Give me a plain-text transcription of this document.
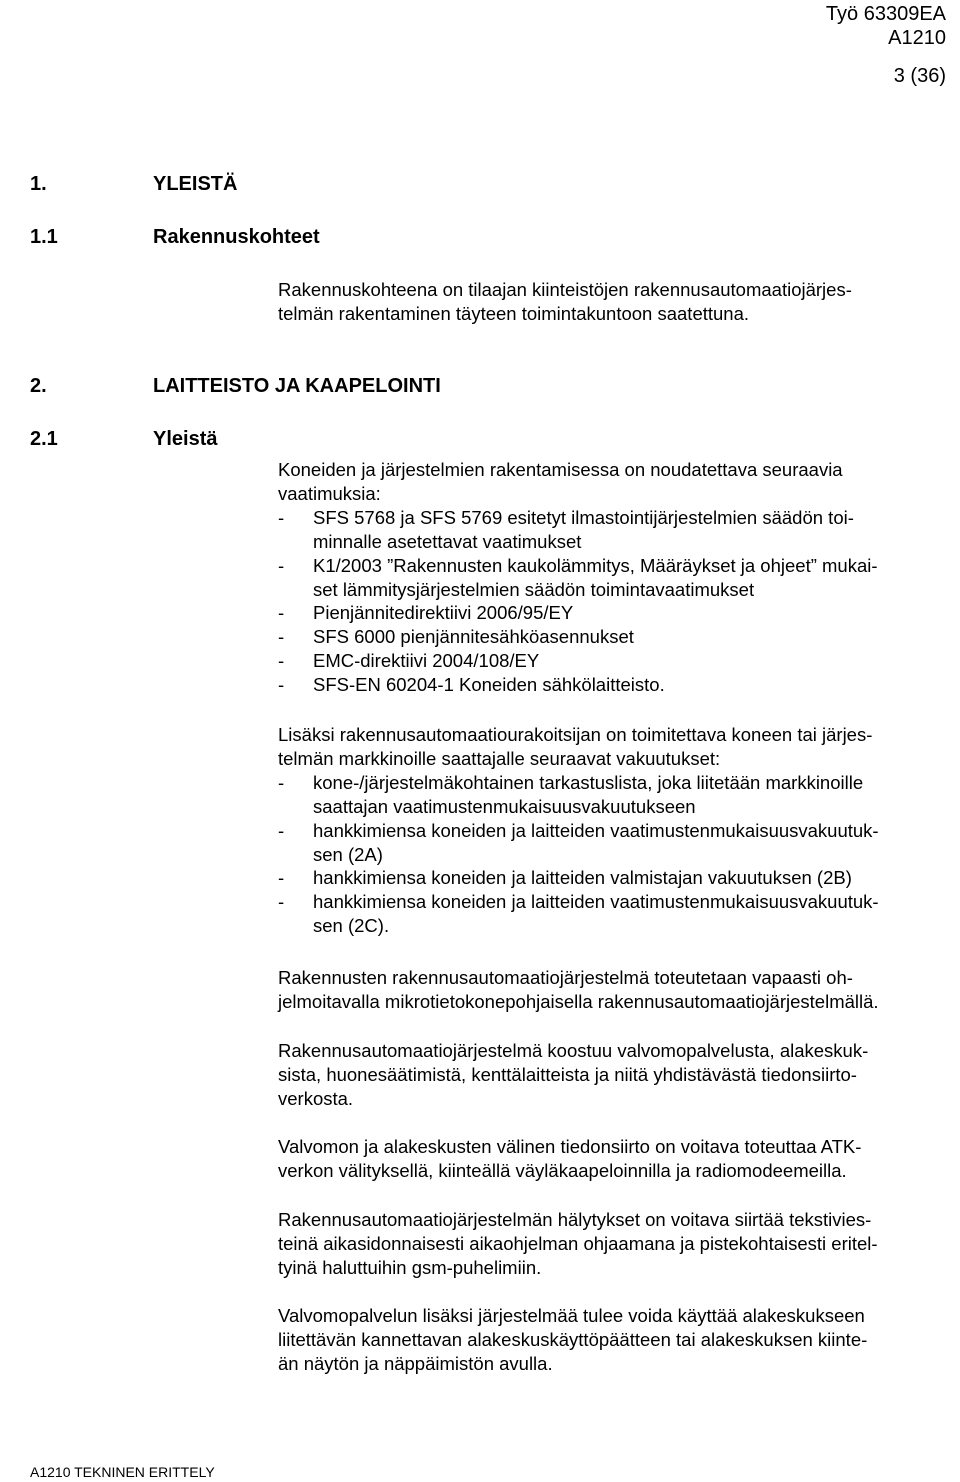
Työ 63309EA
A1210
3 (36)
1.	YLEISTÄ
1.1	Rakennuskohteet
2.	LAITTEISTO JA KAAPELOINTI
2.1	Yleistä
Rakennuskohteena on tilaajan kiinteistöjen rakennusautomaatiojärjes-
telmän rakentaminen täyteen toimintakuntoon saatettuna.
Koneiden ja järjestelmien rakentamisessa on noudatettava seuraavia
vaatimuksia:
- SFS 5768 ja SFS 5769 esitetyt ilmastointijärjestelmien säädön toi-
minnalle asetettavat vaatimukset
- K1/2003 ”Rakennusten kaukolämmitys, Määräykset ja ohjeet” mukai-
set lämmitysjärjestelmien säädön toimintavaatimukset
- Pienjännitedirektiivi 2006/95/EY
- SFS 6000 pienjännitesähköasennukset
- EMC-direktiivi 2004/108/EY
- SFS-EN 60204-1 Koneiden sähkölaitteisto.
Lisäksi rakennusautomaatiourakoitsijan on toimitettava koneen tai järjes-
telmän markkinoille saattajalle seuraavat vakuutukset:
- kone-/järjestelmäkohtainen tarkastuslista, joka liitetään markkinoille
saattajan vaatimustenmukaisuusvakuutukseen
- hankkimiensa koneiden ja laitteiden vaatimustenmukaisuusvakuutuk-
sen (2A)
- hankkimiensa koneiden ja laitteiden valmistajan vakuutuksen (2B)
- hankkimiensa koneiden ja laitteiden vaatimustenmukaisuusvakuutuk-
sen (2C).
Rakennusten rakennusautomaatiojärjestelmä toteutetaan vapaasti oh-
jelmoitavalla mikrotietokonepohjaisella rakennusautomaatiojärjestelmällä.
Rakennusautomaatiojärjestelmä koostuu valvomopalvelusta, alakeskuk-
sista, huonesäätimistä, kenttälaitteista ja niitä yhdistävästä tiedonsiirto-
verkosta.
Valvomon ja alakeskusten välinen tiedonsiirto on voitava toteuttaa ATK-
verkon välityksellä, kiinteällä väyläkaapeloinnilla ja radiomodeemeilla.
Rakennusautomaatiojärjestelmän hälytykset on voitava siirtää tekstivies-
teinä aikasidonnaisesti aikaohjelman ohjaamana ja pistekohtaisesti eritel-
tyinä haluttuihin gsm-puhelimiin.
Valvomopalvelun lisäksi järjestelmää tulee voida käyttää alakeskukseen
liitettävän kannettavan alakeskuskäyttöpäätteen tai alakeskuksen kiinte-
än näytön ja näppäimistön avulla.
A1210 TEKNINEN ERITTELY
